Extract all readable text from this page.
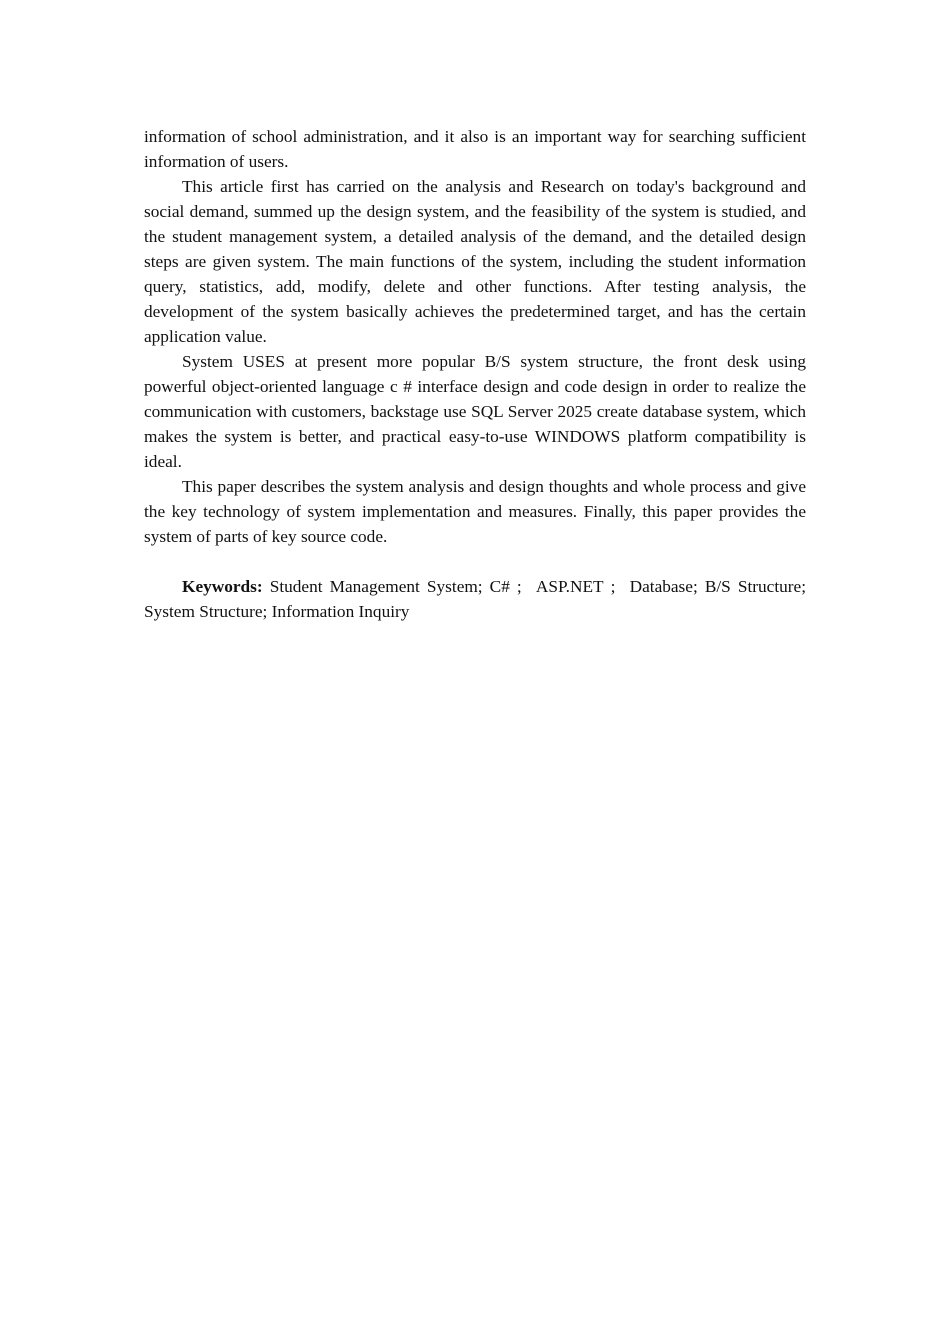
information of school administration, and it also is an important way for searching sufficient information of users.

This article first has carried on the analysis and Research on today's background and social demand, summed up the design system, and the feasibility of the system is studied, and the student management system, a detailed analysis of the demand, and the detailed design steps are given system. The main functions of the system, including the student information query, statistics, add, modify, delete and other functions. After testing analysis, the development of the system basically achieves the predetermined target, and has the certain application value.

System USES at present more popular B/S system structure, the front desk using powerful object-oriented language c # interface design and code design in order to realize the communication with customers, backstage use SQL Server 2025 create database system, which makes the system is better, and practical easy-to-use WINDOWS platform compatibility is ideal.

This paper describes the system analysis and design thoughts and whole process and give the key technology of system implementation and measures. Finally, this paper provides the system of parts of key source code.

Keywords: Student Management System; C# ;  ASP.NET ;  Database; B/S Structure; System Structure; Information Inquiry
